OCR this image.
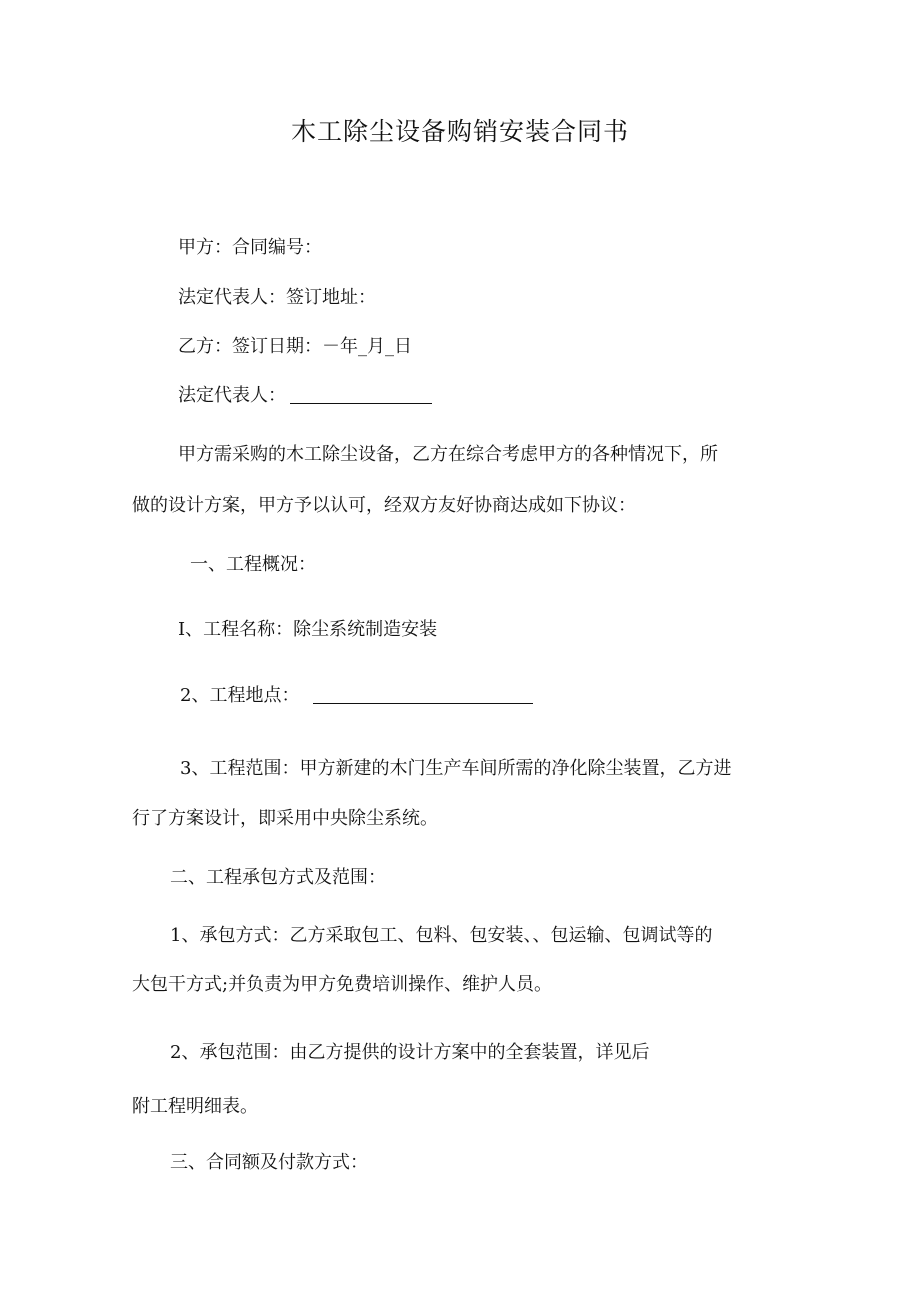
木工除尘设备购销安装合同书
甲方：合同编号：
法定代表人：签订地址：
乙方：签订日期：－年_月_日
法定代表人：
甲方需采购的木工除尘设备，乙方在综合考虑甲方的各种情况下，所
做的设计方案，甲方予以认可，经双方友好协商达成如下协议：
一、工程概况：
I、工程名称：除尘系统制造安装
2、工程地点：
3、工程范围：甲方新建的木门生产车间所需的净化除尘装置，乙方进
行了方案设计，即采用中央除尘系统。
二、工程承包方式及范围：
1、承包方式：乙方采取包工、包料、包安装、、包运输、包调试等的
大包干方式;并负责为甲方免费培训操作、维护人员。
2、承包范围：由乙方提供的设计方案中的全套装置，详见后
附工程明细表。
三、合同额及付款方式：
